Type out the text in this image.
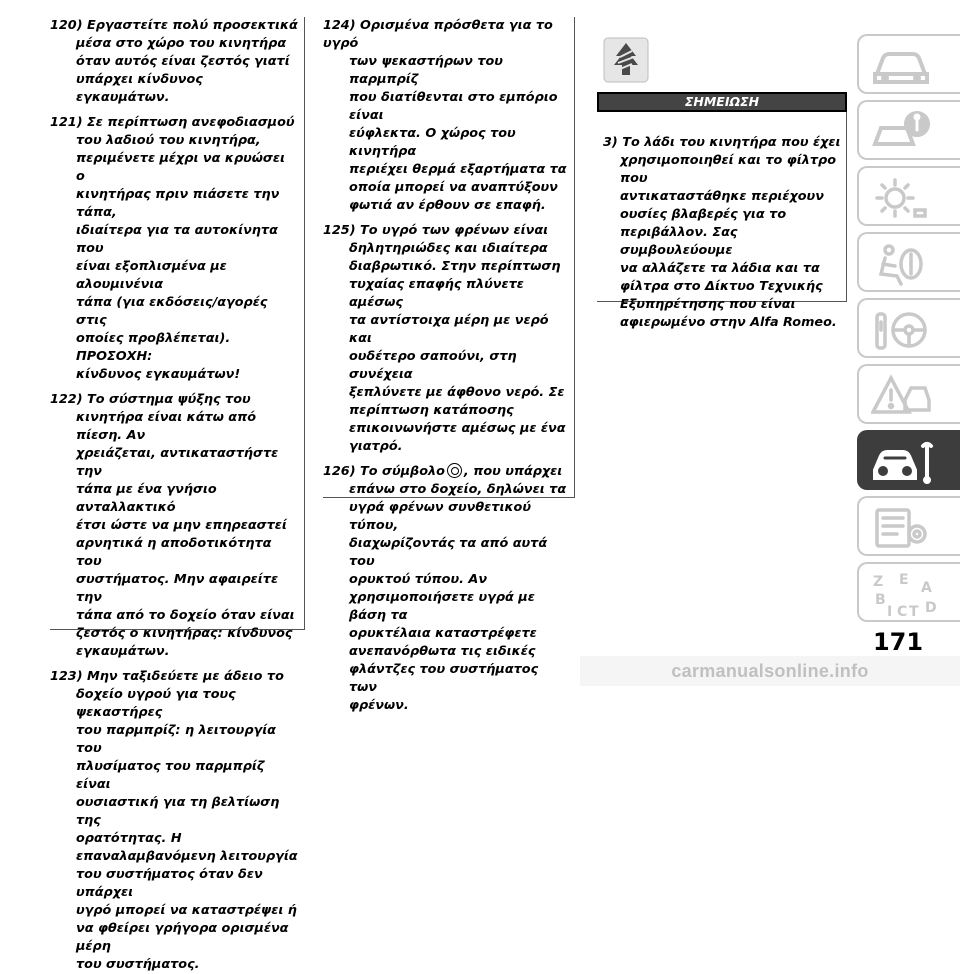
120) Εργαστείτε πολύ προσεκτικά
μέσα στο χώρο του κινητήρα
όταν αυτός είναι ζεστός γιατί
υπάρχει κίνδυνος εγκαυμάτων.
121) Σε περίπτωση ανεφοδιασμού
του λαδιού του κινητήρα,
περιμένετε μέχρι να κρυώσει ο
κινητήρας πριν πιάσετε την τάπα,
ιδιαίτερα για τα αυτοκίνητα που
είναι εξοπλισμένα με αλουμινένια
τάπα (για εκδόσεις/αγορές στις
οποίες προβλέπεται). ΠΡΟΣΟΧΗ:
κίνδυνος εγκαυμάτων!
122) Το σύστημα ψύξης του
κινητήρα είναι κάτω από πίεση. Αν
χρειάζεται, αντικαταστήστε την
τάπα με ένα γνήσιο ανταλλακτικό
έτσι ώστε να μην επηρεαστεί
αρνητικά η αποδοτικότητα του
συστήματος. Μην αφαιρείτε την
τάπα από το δοχείο όταν είναι
ζεστός ο κινητήρας: κίνδυνος
εγκαυμάτων.
123) Μην ταξιδεύετε με άδειο το
δοχείο υγρού για τους ψεκαστήρες
του παρμπρίζ: η λειτουργία του
πλυσίματος του παρμπρίζ είναι
ουσιαστική για τη βελτίωση της
ορατότητας. Η
επαναλαμβανόμενη λειτουργία
του συστήματος όταν δεν υπάρχει
υγρό μπορεί να καταστρέψει ή
να φθείρει γρήγορα ορισμένα μέρη
του συστήματος.
124) Ορισμένα πρόσθετα για το υγρό
των ψεκαστήρων του παρμπρίζ
που διατίθενται στο εμπόριο είναι
εύφλεκτα. Ο χώρος του κινητήρα
περιέχει θερμά εξαρτήματα τα
οποία μπορεί να αναπτύξουν
φωτιά αν έρθουν σε επαφή.
125) Το υγρό των φρένων είναι
δηλητηριώδες και ιδιαίτερα
διαβρωτικό. Στην περίπτωση
τυχαίας επαφής πλύνετε αμέσως
τα αντίστοιχα μέρη με νερό και
ουδέτερο σαπούνι, στη συνέχεια
ξεπλύνετε με άφθονο νερό. Σε
περίπτωση κατάποσης
επικοινωνήστε αμέσως με ένα
γιατρό.
126) Το σύμβολο , που υπάρχει
επάνω στο δοχείο, δηλώνει τα
υγρά φρένων συνθετικού τύπου,
διαχωρίζοντάς τα από αυτά του
ορυκτού τύπου. Αν
χρησιμοποιήσετε υγρά με βάση τα
ορυκτέλαια καταστρέφετε
ανεπανόρθωτα τις ειδικές
φλάντζες του συστήματος των
φρένων.
ΣΗΜΕΙΩΣΗ
3) Το λάδι του κινητήρα που έχει
χρησιμοποιηθεί και το φίλτρο που
αντικαταστάθηκε περιέχουν
ουσίες βλαβερές για το
περιβάλλον. Σας συμβουλεύουμε
να αλλάζετε τα λάδια και τα
φίλτρα στο Δίκτυο Τεχνικής
Εξυπηρέτησης που είναι
αφιερωμένο στην Alfa Romeo.
Z E A
B
I C T D
171
carmanualsonline.info
